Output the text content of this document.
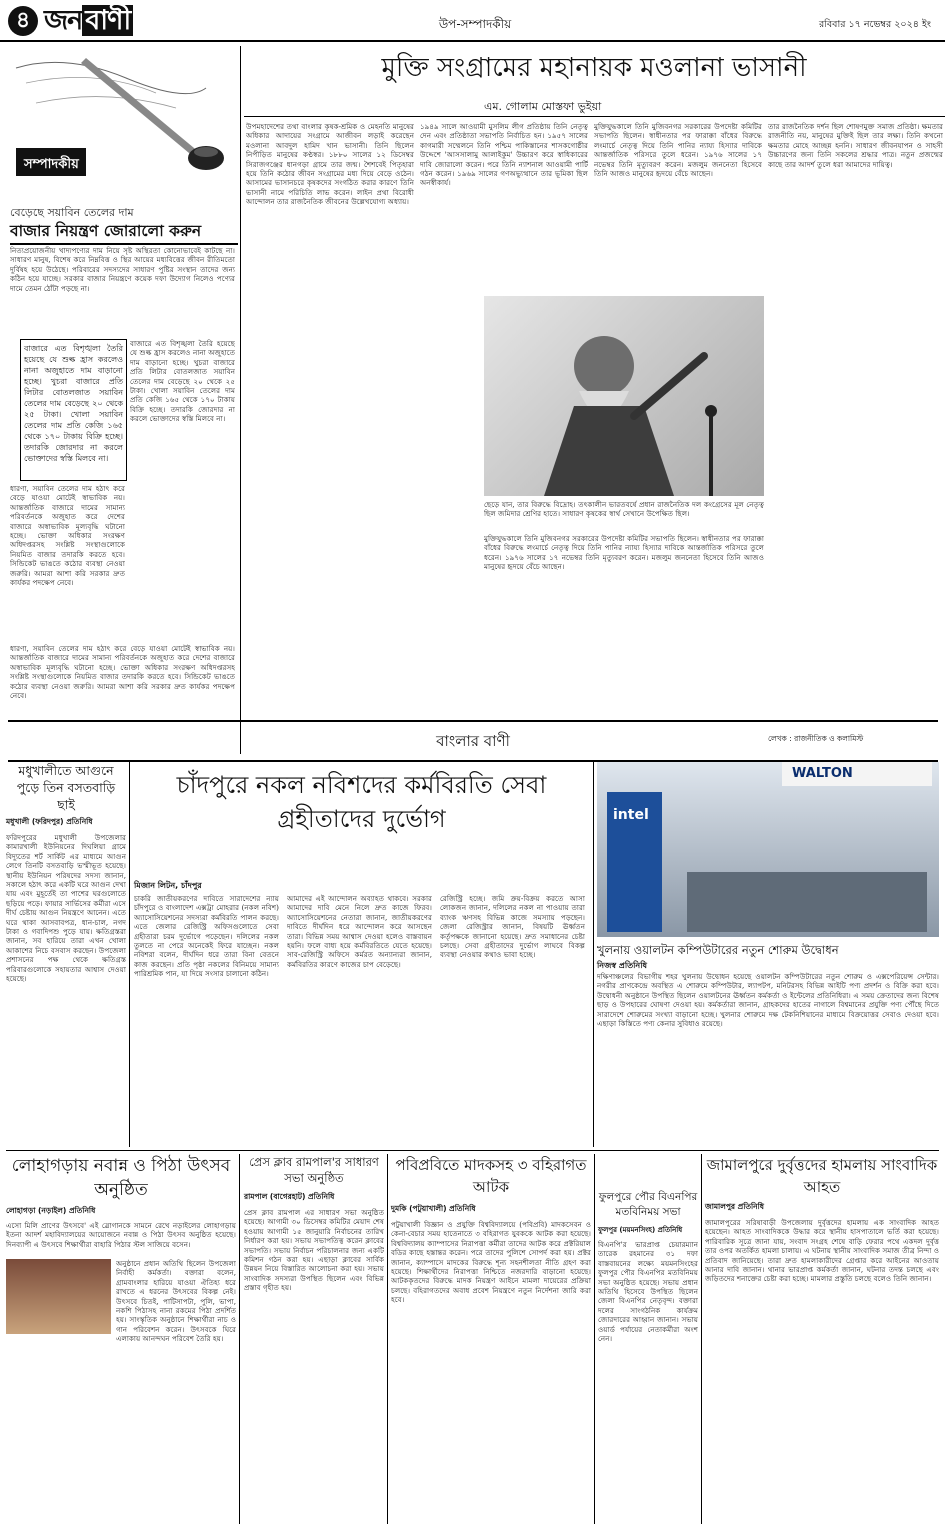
৪ জন বাণী	উপ-সম্পাদকীয়	রবিবার ১৭ নভেম্বর ২০২৪ ইং
সম্পাদকীয়
বেড়েছে সয়াবিন তেলের দাম
বাজার নিয়ন্ত্রণ জোরালো করুন
নিত্যপ্রয়োজনীয় খাদ্যপণ্যের দাম নিয়ে সৃষ্ট অস্থিরতা কোনোভাবেই কাটছে না। সাধারণ মানুষ, বিশেষ করে নিম্নবিত্ত ও স্থির আয়ের মধ্যবিত্তের জীবন রীতিমতো দুর্বিষহ হয়ে উঠেছে। পরিবারের সদস্যদের সাধারণ পুষ্টির সংস্থান তাদের জন্য কঠিন হয়ে যাচ্ছে। সরকার বাজার নিয়ন্ত্রণে কয়েক দফা উদ্যোগ নিলেও পণ্যের দামে তেমন ঠোঁটা পড়ছে না।
বাজারে এত বিশৃঙ্খলা তৈরি হয়েছে যে শুল্ক হ্রাস করলেও নানা অজুহাতে দাম বাড়ানো হচ্ছে। খুচরা বাজারে প্রতি লিটার বোতলজাত সয়াবিন তেলের দাম বেড়েছে ২০ থেকে ২৫ টাকা। খোলা সয়াবিন তেলের দাম প্রতি কেজি ১৬৫ থেকে ১৭০ টাকায় বিক্রি হচ্ছে। তদারকি জোরদার না করলে ভোক্তাদের স্বস্তি মিলবে না।
বাজারে এত বিশৃঙ্খলা তৈরি হয়েছে যে শুল্ক হ্রাস করলেও নানা অজুহাতে দাম বাড়ানো হচ্ছে। খুচরা বাজারে প্রতি লিটার বোতলজাত সয়াবিন তেলের দাম বেড়েছে ২০ থেকে ২৫ টাকা। খোলা সয়াবিন তেলের দাম প্রতি কেজি ১৬৫ থেকে ১৭০ টাকায় বিক্রি হচ্ছে। তদারকি জোরদার না করলে ভোক্তাদের স্বস্তি মিলবে না।
ধারণা, সয়াবিন তেলের দাম হঠাৎ করে বেড়ে যাওয়া মোটেই স্বাভাবিক নয়। আন্তর্জাতিক বাজারে দামের সামান্য পরিবর্তনকে অজুহাত করে দেশের বাজারে অস্বাভাবিক মূল্যবৃদ্ধি ঘটানো হচ্ছে। ভোক্তা অধিকার সংরক্ষণ অধিদপ্তরসহ সংশ্লিষ্ট সংস্থাগুলোকে নিয়মিত বাজার তদারকি করতে হবে। সিন্ডিকেট ভাঙতে কঠোর ব্যবস্থা নেওয়া জরুরি। আমরা আশা করি সরকার দ্রুত কার্যকর পদক্ষেপ নেবে।
ধারণা, সয়াবিন তেলের দাম হঠাৎ করে বেড়ে যাওয়া মোটেই স্বাভাবিক নয়। আন্তর্জাতিক বাজারে দামের সামান্য পরিবর্তনকে অজুহাত করে দেশের বাজারে অস্বাভাবিক মূল্যবৃদ্ধি ঘটানো হচ্ছে। ভোক্তা অধিকার সংরক্ষণ অধিদপ্তরসহ সংশ্লিষ্ট সংস্থাগুলোকে নিয়মিত বাজার তদারকি করতে হবে। সিন্ডিকেট ভাঙতে কঠোর ব্যবস্থা নেওয়া জরুরি। আমরা আশা করি সরকার দ্রুত কার্যকর পদক্ষেপ নেবে।
মুক্তি সংগ্রামের মহানায়ক মওলানা ভাসানী
এম. গোলাম মোস্তফা ভুইয়া
উপমহাদেশের তথা বাংলার কৃষক-শ্রমিক ও মেহনতি মানুষের অধিকার আদায়ের সংগ্রামে আজীবন লড়াই করেছেন মওলানা আবদুল হামিদ খান ভাসানী। তিনি ছিলেন নিপীড়িত মানুষের কণ্ঠস্বর। ১৮৮০ সালের ১২ ডিসেম্বর সিরাজগঞ্জের ধানগড়া গ্রামে তার জন্ম। শৈশবেই পিতৃহারা হয়ে তিনি কঠোর জীবন সংগ্রামের মধ্য দিয়ে বেড়ে ওঠেন। আসামের ভাসানচরে কৃষকদের সংগঠিত করার কারণে তিনি ভাসানী নামে পরিচিতি লাভ করেন। লাইন প্রথা বিরোধী আন্দোলন তার রাজনৈতিক জীবনের উল্লেখযোগ্য অধ্যায়।
১৯৪৯ সালে আওয়ামী মুসলিম লীগ প্রতিষ্ঠায় তিনি নেতৃত্ব দেন এবং প্রতিষ্ঠাতা সভাপতি নির্বাচিত হন। ১৯৫৭ সালের কাগমারী সম্মেলনে তিনি পশ্চিম পাকিস্তানের শাসকগোষ্ঠীর উদ্দেশে 'আসসালামু আলাইকুম' উচ্চারণ করে স্বাধিকারের দাবি জোরালো করেন। পরে তিনি ন্যাশনাল আওয়ামী পার্টি গঠন করেন। ১৯৬৯ সালের গণঅভ্যুত্থানে তার ভূমিকা ছিল অনস্বীকার্য।
মুক্তিযুদ্ধকালে তিনি মুজিবনগর সরকারের উপদেষ্টা কমিটির সভাপতি ছিলেন। স্বাধীনতার পর ফারাক্কা বাঁধের বিরুদ্ধে লংমার্চে নেতৃত্ব দিয়ে তিনি পানির ন্যায্য হিস্যার দাবিকে আন্তর্জাতিক পরিসরে তুলে ধরেন। ১৯৭৬ সালের ১৭ নভেম্বর তিনি মৃত্যুবরণ করেন। মজলুম জননেতা হিসেবে তিনি আজও মানুষের হৃদয়ে বেঁচে আছেন।
তার রাজনৈতিক দর্শন ছিল শোষণমুক্ত সমাজ প্রতিষ্ঠা। ক্ষমতার রাজনীতি নয়, মানুষের মুক্তিই ছিল তার লক্ষ্য। তিনি কখনো ক্ষমতার মোহে আচ্ছন্ন হননি। সাধারণ জীবনযাপন ও সাহসী উচ্চারণের জন্য তিনি সকলের শ্রদ্ধার পাত্র। নতুন প্রজন্মের কাছে তার আদর্শ তুলে ধরা আমাদের দায়িত্ব।
ছেড়ে যান, তার বিরুদ্ধে বিদ্রোহ। তৎকালীন ভারতবর্ষে প্রধান রাজনৈতিক দল কংগ্রেসের মূল নেতৃত্ব ছিল জমিদার শ্রেণির হাতে। সাধারণ কৃষকের স্বার্থ সেখানে উপেক্ষিত ছিল।
মুক্তিযুদ্ধকালে তিনি মুজিবনগর সরকারের উপদেষ্টা কমিটির সভাপতি ছিলেন। স্বাধীনতার পর ফারাক্কা বাঁধের বিরুদ্ধে লংমার্চে নেতৃত্ব দিয়ে তিনি পানির ন্যায্য হিস্যার দাবিকে আন্তর্জাতিক পরিসরে তুলে ধরেন। ১৯৭৬ সালের ১৭ নভেম্বর তিনি মৃত্যুবরণ করেন। মজলুম জননেতা হিসেবে তিনি আজও মানুষের হৃদয়ে বেঁচে আছেন।
লেখক : রাজনীতিক ও কলামিস্ট
বাংলার বাণী
মধুখালীতে আগুনে পুড়ে তিন বসতবাড়ি ছাই
মধুখালী (ফরিদপুর) প্রতিনিধি
ফরিদপুরের মধুখালী উপজেলার কামারখালী ইউনিয়নের দিঘলিয়া গ্রামে বিদ্যুতের শর্ট সার্কিট এর মাধ্যমে আগুন লেগে তিনটি বসতবাড়ি ভস্মীভূত হয়েছে। স্থানীয় ইউনিয়ন পরিষদের সদস্য জানান, সকালে হঠাৎ করে একটি ঘরে আগুন দেখা যায় এবং মুহূর্তেই তা পাশের ঘরগুলোতে ছড়িয়ে পড়ে। ফায়ার সার্ভিসের কর্মীরা এসে দীর্ঘ চেষ্টায় আগুন নিয়ন্ত্রণে আনেন। এতে ঘরে থাকা আসবাবপত্র, ধান-চাল, নগদ টাকা ও গবাদিপশু পুড়ে যায়। ক্ষতিগ্রস্তরা জানান, সব হারিয়ে তারা এখন খোলা আকাশের নিচে বসবাস করছেন। উপজেলা প্রশাসনের পক্ষ থেকে ক্ষতিগ্রস্ত পরিবারগুলোকে সহায়তার আশ্বাস দেওয়া হয়েছে।
চাঁদপুরে নকল নবিশদের কর্মবিরতি সেবা গ্রহীতাদের দুর্ভোগ
মিজান লিটন, চাঁদপুর
চাকরি জাতীয়করণের দাবিতে সারাদেশের ন্যায় চাঁদপুরে ও বাংলাদেশ এক্সট্রা মোহরার (নকল নবিশ) অ্যাসোসিয়েশনের সদস্যরা কর্মবিরতি পালন করছে। এতে জেলার রেজিস্ট্রি অফিসগুলোতে সেবা গ্রহীতারা চরম দুর্ভোগে পড়েছেন। দলিলের নকল তুলতে না পেরে অনেকেই ফিরে যাচ্ছেন। নকল নবিশরা বলেন, দীর্ঘদিন ধরে তারা বিনা বেতনে কাজ করছেন। প্রতি পৃষ্ঠা নকলের বিনিময়ে সামান্য পারিশ্রমিক পান, যা দিয়ে সংসার চালানো কঠিন।
আমাদের এই আন্দোলন অব্যাহত থাকবে। সরকার আমাদের দাবি মেনে নিলে দ্রুত কাজে ফিরব। অ্যাসোসিয়েশনের নেতারা জানান, জাতীয়করণের দাবিতে দীর্ঘদিন ধরে আন্দোলন করে আসছেন তারা। বিভিন্ন সময় আশ্বাস দেওয়া হলেও বাস্তবায়ন হয়নি। ফলে বাধ্য হয়ে কর্মবিরতিতে যেতে হয়েছে। সাব-রেজিস্ট্রি অফিসে কর্মরত অন্যান্যরা জানান, কর্মবিরতির কারণে কাজের চাপ বেড়েছে।
রেজিস্ট্রি হচ্ছে। জমি ক্রয়-বিক্রয় করতে আসা লোকজন জানান, দলিলের নকল না পাওয়ায় তারা ব্যাংক ঋণসহ বিভিন্ন কাজে সমস্যায় পড়ছেন। জেলা রেজিস্ট্রার জানান, বিষয়টি ঊর্ধ্বতন কর্তৃপক্ষকে জানানো হয়েছে। দ্রুত সমাধানের চেষ্টা চলছে। সেবা গ্রহীতাদের দুর্ভোগ লাঘবে বিকল্প ব্যবস্থা নেওয়ার কথাও ভাবা হচ্ছে।
intel
WALTON
খুলনায় ওয়ালটন কম্পিউটারের নতুন শোরুম উদ্বোধন
নিজস্ব প্রতিনিধি
দক্ষিণাঞ্চলের বিভাগীয় শহর খুলনায় উদ্বোধন হয়েছে ওয়ালটন কম্পিউটারের নতুন শোরুম ও এক্সপেরিয়েন্স সেন্টার। নগরীর প্রাণকেন্দ্রে অবস্থিত এ শোরুমে কম্পিউটার, ল্যাপটপ, মনিটরসহ বিভিন্ন আইটি পণ্য প্রদর্শন ও বিক্রি করা হবে। উদ্বোধনী অনুষ্ঠানে উপস্থিত ছিলেন ওয়ালটনের ঊর্ধ্বতন কর্মকর্তা ও ইন্টেলের প্রতিনিধিরা। এ সময় ক্রেতাদের জন্য বিশেষ ছাড় ও উপহারের ঘোষণা দেওয়া হয়। কর্মকর্তারা জানান, গ্রাহকদের হাতের নাগালে বিশ্বমানের প্রযুক্তি পণ্য পৌঁছে দিতে সারাদেশে শোরুমের সংখ্যা বাড়ানো হচ্ছে। খুলনার শোরুমে দক্ষ টেকনিশিয়ানের মাধ্যমে বিক্রয়োত্তর সেবাও দেওয়া হবে। এছাড়া কিস্তিতে পণ্য কেনার সুবিধাও রয়েছে।
লোহাগড়ায় নবান্ন ও পিঠা উৎসব অনুষ্ঠিত
লোহাগড়া (নড়াইল) প্রতিনিধি
এসো মিলি প্রাণের উৎসবে' এই স্লোগানকে সামনে রেখে নড়াইলের লোহাগড়ায় ইতনা আদর্শ মহাবিদ্যালয়ের আয়োজনে নবান্ন ও পিঠা উৎসব অনুষ্ঠিত হয়েছে। দিনব্যাপী এ উৎসবে শিক্ষার্থীরা বাহারি পিঠার স্টল সাজিয়ে বসেন।
অনুষ্ঠানে প্রধান অতিথি ছিলেন উপজেলা নির্বাহী কর্মকর্তা। বক্তারা বলেন, গ্রামবাংলার হারিয়ে যাওয়া ঐতিহ্য ধরে রাখতে এ ধরনের উৎসবের বিকল্প নেই। উৎসবে চিতই, পাটিসাপটা, পুলি, ভাপা, নকশি পিঠাসহ নানা রকমের পিঠা প্রদর্শিত হয়। সাংস্কৃতিক অনুষ্ঠানে শিক্ষার্থীরা নাচ ও গান পরিবেশন করেন। উৎসবকে ঘিরে এলাকায় আনন্দঘন পরিবেশ তৈরি হয়।
প্রেস ক্লাব রামপাল'র সাধারণ সভা অনুষ্ঠিত
রামপাল (বাগেরহাট) প্রতিনিধি
প্রেস ক্লাব রামপাল এর সাধারণ সভা অনুষ্ঠিত হয়েছে। আগামী ৩০ ডিসেম্বর কমিটির মেয়াদ শেষ হওয়ায় আগামী ১৫ জানুয়ারি নির্বাচনের তারিখ নির্ধারণ করা হয়। সভায় সভাপতিত্ব করেন ক্লাবের সভাপতি। সভায় নির্বাচন পরিচালনার জন্য একটি কমিশন গঠন করা হয়। এছাড়া ক্লাবের সার্বিক উন্নয়ন নিয়ে বিস্তারিত আলোচনা করা হয়। সভায় সাংবাদিক সদস্যরা উপস্থিত ছিলেন এবং বিভিন্ন প্রস্তাব গৃহীত হয়।
পবিপ্রবিতে মাদকসহ ৩ বহিরাগত আটক
দুমকি (পটুয়াখালী) প্রতিনিধি
পটুয়াখালী বিজ্ঞান ও প্রযুক্তি বিশ্ববিদ্যালয়ে (পবিপ্রবি) মাদকসেবন ও কেনা-বেচার সময় হাতেনাতে ৩ বহিরাগত যুবককে আটক করা হয়েছে। বিশ্ববিদ্যালয় ক্যাম্পাসের নিরাপত্তা কর্মীরা তাদের আটক করে প্রক্টরিয়াল বডির কাছে হস্তান্তর করেন। পরে তাদের পুলিশে সোপর্দ করা হয়। প্রক্টর জানান, ক্যাম্পাসে মাদকের বিরুদ্ধে শূন্য সহনশীলতা নীতি গ্রহণ করা হয়েছে। শিক্ষার্থীদের নিরাপত্তা নিশ্চিতে নজরদারি বাড়ানো হয়েছে। আটককৃতদের বিরুদ্ধে মাদক নিয়ন্ত্রণ আইনে মামলা দায়েরের প্রক্রিয়া চলছে। বহিরাগতদের অবাধ প্রবেশ নিয়ন্ত্রণে নতুন নির্দেশনা জারি করা হবে।
ফুলপুরে পৌর বিএনপির মতবিনিময় সভা
ফুলপুর (ময়মনসিংহ) প্রতিনিধি
বিএনপি'র ভারপ্রাপ্ত চেয়ারম্যান তারেক রহমানের ৩১ দফা বাস্তবায়নের লক্ষ্যে ময়মনসিংহের ফুলপুর পৌর বিএনপির মতবিনিময় সভা অনুষ্ঠিত হয়েছে। সভায় প্রধান অতিথি হিসেবে উপস্থিত ছিলেন জেলা বিএনপির নেতৃবৃন্দ। বক্তারা দলের সাংগঠনিক কার্যক্রম জোরদারের আহ্বান জানান। সভায় ওয়ার্ড পর্যায়ের নেতাকর্মীরা অংশ নেন।
জামালপুরে দুর্বৃত্তদের হামলায় সাংবাদিক আহত
জামালপুর প্রতিনিধি
জামালপুরের সরিষাবাড়ী উপজেলায় দুর্বৃত্তদের হামলায় এক সাংবাদিক আহত হয়েছেন। আহত সাংবাদিককে উদ্ধার করে স্থানীয় হাসপাতালে ভর্তি করা হয়েছে। পারিবারিক সূত্রে জানা যায়, সংবাদ সংগ্রহ শেষে বাড়ি ফেরার পথে একদল দুর্বৃত্ত তার ওপর অতর্কিত হামলা চালায়। এ ঘটনায় স্থানীয় সাংবাদিক সমাজ তীব্র নিন্দা ও প্রতিবাদ জানিয়েছে। তারা দ্রুত হামলাকারীদের গ্রেপ্তার করে আইনের আওতায় আনার দাবি জানান। থানার ভারপ্রাপ্ত কর্মকর্তা জানান, ঘটনার তদন্ত চলছে এবং জড়িতদের শনাক্তের চেষ্টা করা হচ্ছে। মামলার প্রস্তুতি চলছে বলেও তিনি জানান।
